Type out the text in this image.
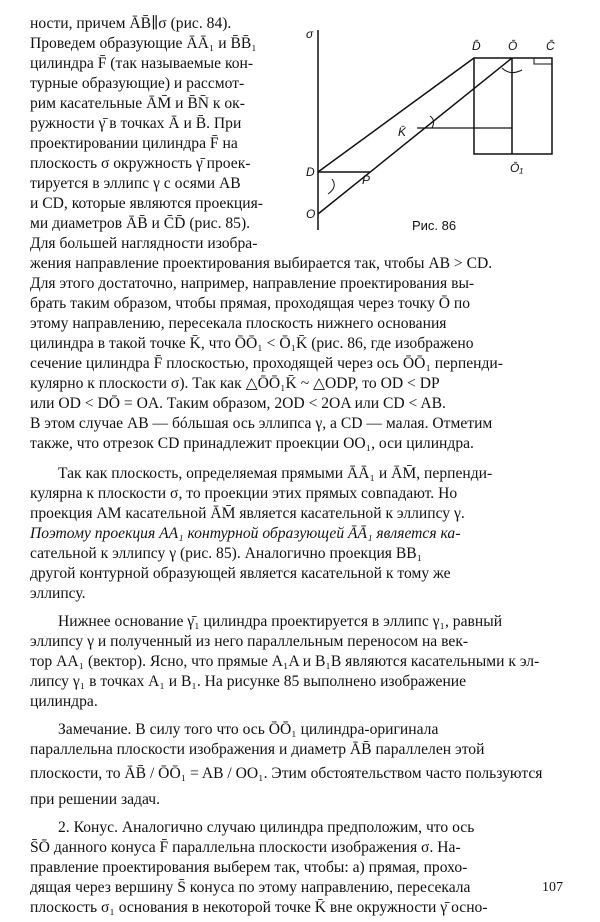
ности, причем ĀB̄∥σ (рис. 84).
Проведем образующие ĀĀ₁ и B̄B̄₁
цилиндра F̄ (так называемые кон-
турные образующие) и рассмот-
рим касательные ĀM̄ и B̄N̄ к ок-
ружности γ̄ в точках Ā и B̄. При
проектировании цилиндра F̄ на
плоскость σ окружность γ̄ проек-
тируется в эллипс γ с осями AB
и CD, которые являются проекция-
ми диаметров ĀB̄ и C̄D̄ (рис. 85).
Для большей наглядности изобра-
жения направление проектирования выбирается так, чтобы AB > CD.
Для этого достаточно, например, направление проектирования вы-
брать таким образом, чтобы прямая, проходящая через точку Ō по
этому направлению, пересекала плоскость нижнего основания
цилиндра в такой точке K̄, что ŌŌ₁ < Ō₁K̄ (рис. 86, где изображено
сечение цилиндра F̄ плоскостью, проходящей через ось ŌŌ₁ перпенди-
кулярно к плоскости σ). Так как △ŌŌ₁K̄ ~ △ODP, то OD < DP
или OD < DŌ = OA. Таким образом, 2OD < 2OA или CD < AB.
В этом случае AB — бóльшая ось эллипса γ, а CD — малая. Отметим
также, что отрезок CD принадлежит проекции OO₁, оси цилиндра.
Так как плоскость, определяемая прямыми ĀĀ₁ и ĀM̄, перпенди-
кулярна к плоскости σ, то проекции этих прямых совпадают. Но
проекция AM касательной ĀM̄ является касательной к эллипсу γ.
Поэтому проекция AA₁ контурной образующей ĀĀ₁ является ка-
сательной к эллипсу γ (рис. 85). Аналогично проекция BB₁
другой контурной образующей является касательной к тому же
эллипсу.
Нижнее основание γ̄₁ цилиндра проектируется в эллипс γ₁, равный
эллипсу γ и полученный из него параллельным переносом на век-
тор AA₁ (вектор). Ясно, что прямые A₁A и B₁B являются касательными к эл-
липсу γ₁ в точках A₁ и B₁. На рисунке 85 выполнено изображение
цилиндра.
Замечание. В силу того что ось ŌŌ₁ цилиндра-оригинала
параллельна плоскости изображения и диаметр ĀB̄ параллелен этой
плоскости, то ĀB̄ / ŌŌ₁ = AB / OO₁. Этим обстоятельством часто пользуются
при решении задач.
2. Конус. Аналогично случаю цилиндра предположим, что ось
S̄Ō данного конуса F̄ параллельна плоскости изображения σ. На-
правление проектирования выберем так, чтобы: а) прямая, прохо-
дящая через вершину S̄ конуса по этому направлению, пересекала
плоскость σ₁ основания в некоторой точке K̄ вне окружности γ̄ осно-
σ
D
O
P
K̄
D̄ Ō C̄
Ō₁
Рис. 86
107
